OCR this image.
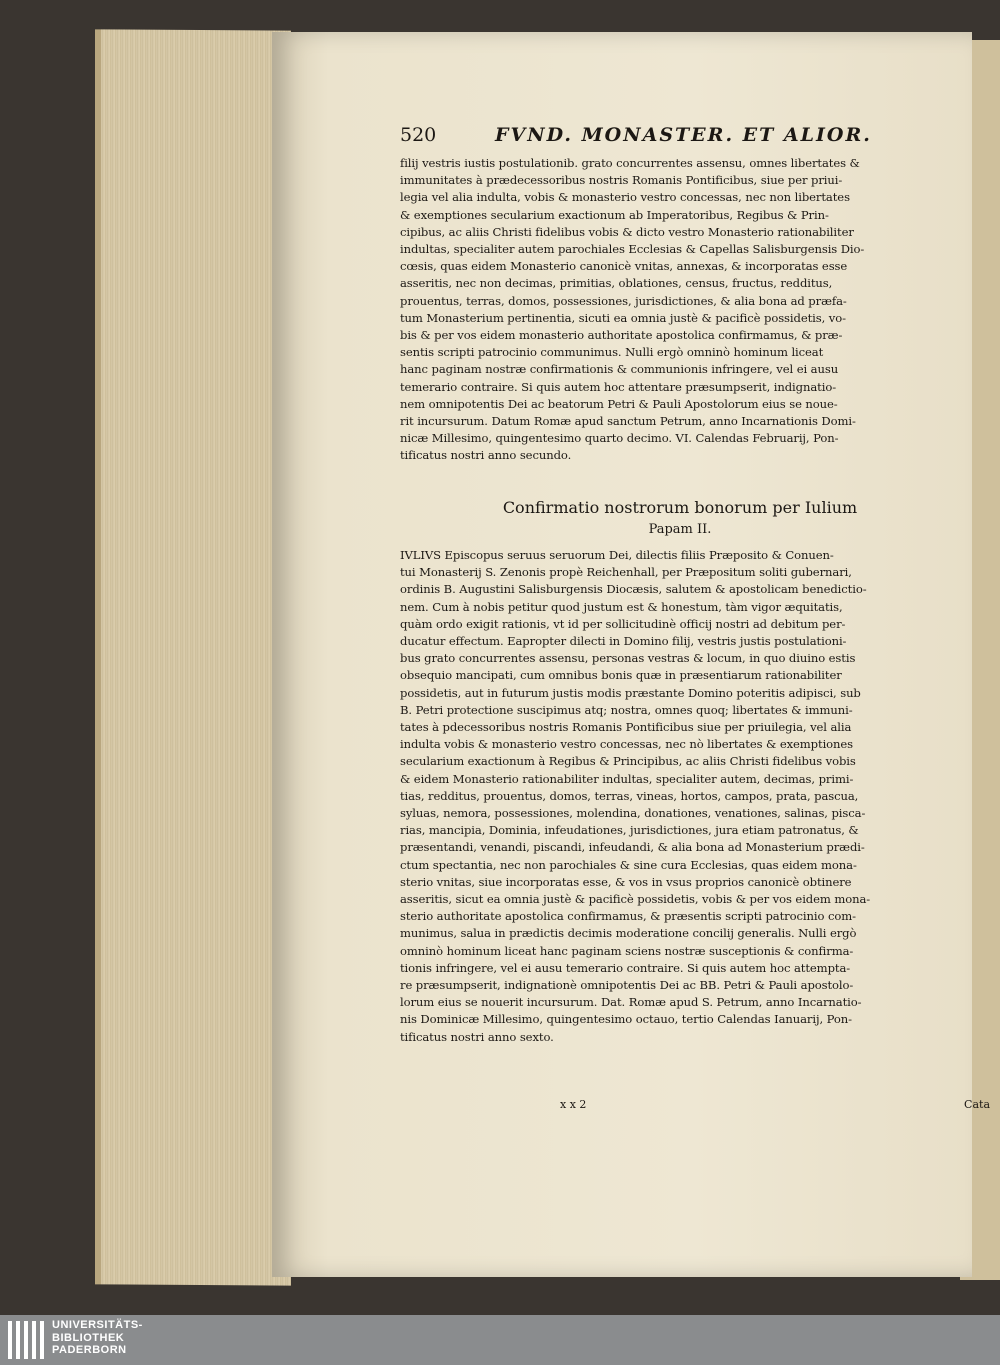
520	FVND. MONASTER. ET ALIOR.
filij vestris iustis postulationib. grato concurrentes assensu, omnes libertates &
immunitates à prædecessoribus nostris Romanis Pontificibus, siue per priui-
legia vel alia indulta, vobis & monasterio vestro concessas, nec non libertates
& exemptiones secularium exactionum ab Imperatoribus, Regibus & Prin-
cipibus, ac aliis Christi fidelibus vobis & dicto vestro Monasterio rationabiliter
indultas, specialiter autem parochiales Ecclesias & Capellas Salisburgensis Dio-
cœsis, quas eidem Monasterio canonicè vnitas, annexas, & incorporatas esse
asseritis, nec non decimas, primitias, oblationes, census, fructus, redditus,
prouentus, terras, domos, possessiones, jurisdictiones, & alia bona ad præfa-
tum Monasterium pertinentia, sicuti ea omnia justè & pacificè possidetis, vo-
bis & per vos eidem monasterio authoritate apostolica confirmamus, & præ-
sentis scripti patrocinio communimus. Nulli ergò omninò hominum liceat
hanc paginam nostræ confirmationis & communionis infringere, vel ei ausu
temerario contraire. Si quis autem hoc attentare præsumpserit, indignatio-
nem omnipotentis Dei ac beatorum Petri & Pauli Apostolorum eius se noue-
rit incursurum. Datum Romæ apud sanctum Petrum, anno Incarnationis Domi-
nicæ Millesimo, quingentesimo quarto decimo. VI. Calendas Februarij, Pon-
tificatus nostri anno secundo.
Confirmatio nostrorum bonorum per Iulium
Papam II.
IVLIVS Episcopus seruus seruorum Dei, dilectis filiis Præposito & Conuen-
tui Monasterij S. Zenonis propè Reichenhall, per Præpositum soliti gubernari,
ordinis B. Augustini Salisburgensis Diocæsis, salutem & apostolicam benedictio-
nem. Cum à nobis petitur quod justum est & honestum, tàm vigor æquitatis,
quàm ordo exigit rationis, vt id per sollicitudinè officij nostri ad debitum per-
ducatur effectum. Eapropter dilecti in Domino filij, vestris justis postulationi-
bus grato concurrentes assensu, personas vestras & locum, in quo diuino estis
obsequio mancipati, cum omnibus bonis quæ in præsentiarum rationabiliter
possidetis, aut in futurum justis modis præstante Domino poteritis adipisci, sub
B. Petri protectione suscipimus atq; nostra, omnes quoq; libertates & immuni-
tates à pdecessoribus nostris Romanis Pontificibus siue per priuilegia, vel alia
indulta vobis & monasterio vestro concessas, nec nò libertates & exemptiones
secularium exactionum à Regibus & Principibus, ac aliis Christi fidelibus vobis
& eidem Monasterio rationabiliter indultas, specialiter autem, decimas, primi-
tias, redditus, prouentus, domos, terras, vineas, hortos, campos, prata, pascua,
syluas, nemora, possessiones, molendina, donationes, venationes, salinas, pisca-
rias, mancipia, Dominia, infeudationes, jurisdictiones, jura etiam patronatus, &
præsentandi, venandi, piscandi, infeudandi, & alia bona ad Monasterium prædi-
ctum spectantia, nec non parochiales & sine cura Ecclesias, quas eidem mona-
sterio vnitas, siue incorporatas esse, & vos in vsus proprios canonicè obtinere
asseritis, sicut ea omnia justè & pacificè possidetis, vobis & per vos eidem mona-
sterio authoritate apostolica confirmamus, & præsentis scripti patrocinio com-
munimus, salua in prædictis decimis moderatione concilij generalis. Nulli ergò
omninò hominum liceat hanc paginam sciens nostræ susceptionis & confirma-
tionis infringere, vel ei ausu temerario contraire. Si quis autem hoc attempta-
re præsumpserit, indignationè omnipotentis Dei ac BB. Petri & Pauli apostolo-
lorum eius se nouerit incursurum. Dat. Romæ apud S. Petrum, anno Incarnatio-
nis Dominicæ Millesimo, quingentesimo octauo, tertio Calendas Ianuarij, Pon-
tificatus nostri anno sexto.
x x 2	Cata
UNIVERSITÄTS-
BIBLIOTHEK
PADERBORN
